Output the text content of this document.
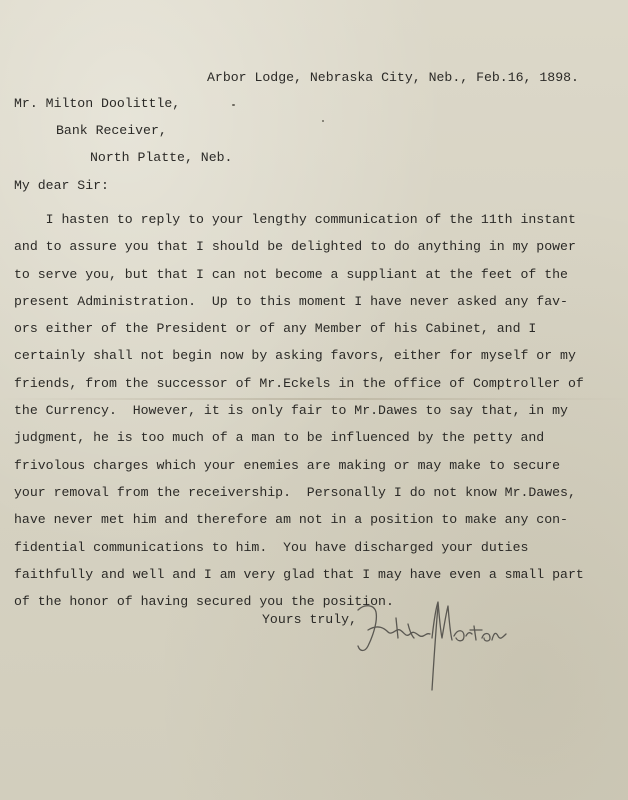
Arbor Lodge, Nebraska City, Neb., Feb.16, 1898.
Mr. Milton Doolittle,
Bank Receiver,
North Platte, Neb.
My dear Sir:
I hasten to reply to your lengthy communication of the 11th instant
and to assure you that I should be delighted to do anything in my power
to serve you, but that I can not become a suppliant at the feet of the
present Administration.  Up to this moment I have never asked any fav-
ors either of the President or of any Member of his Cabinet, and I
certainly shall not begin now by asking favors, either for myself or my
friends, from the successor of Mr.Eckels in the office of Comptroller of
the Currency.  However, it is only fair to Mr.Dawes to say that, in my
judgment, he is too much of a man to be influenced by the petty and
frivolous charges which your enemies are making or may make to secure
your removal from the receivership.  Personally I do not know Mr.Dawes,
have never met him and therefore am not in a position to make any con-
fidential communications to him.  You have discharged your duties
faithfully and well and I am very glad that I may have even a small part
of the honor of having secured you the position.
Yours truly,
